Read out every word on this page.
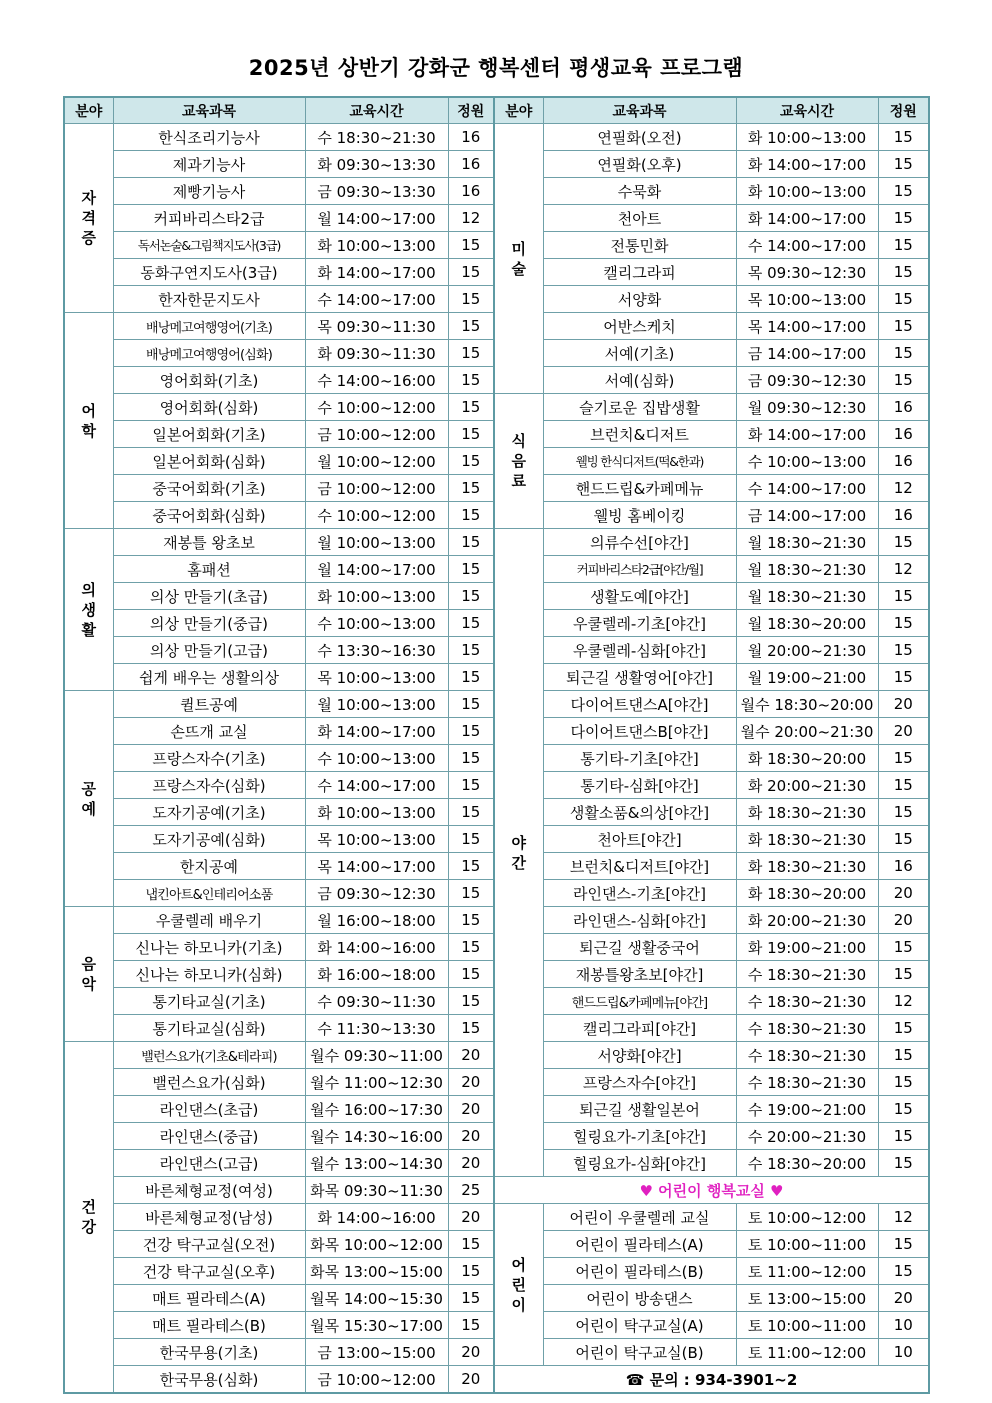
2025년 상반기 강화군 행복센터 평생교육 프로그램
분야	교육과목	교육시간	정원	분야	교육과목	교육시간	정원
자격증	한식조리기능사	수 18:30~21:30	16	미술	연필화(오전)	화 10:00~13:00	15
	제과기능사	화 09:30~13:30	16		연필화(오후)	화 14:00~17:00	15
	제빵기능사	금 09:30~13:30	16		수묵화	화 10:00~13:00	15
	커피바리스타2급	월 14:00~17:00	12		천아트	화 14:00~17:00	15
	독서논술&그림책지도사(3급)	화 10:00~13:00	15		전통민화	수 14:00~17:00	15
	동화구연지도사(3급)	화 14:00~17:00	15		캘리그라피	목 09:30~12:30	15
	한자한문지도사	수 14:00~17:00	15		서양화	목 10:00~13:00	15
어학	배낭메고여행영어(기초)	목 09:30~11:30	15		어반스케치	목 14:00~17:00	15
	배낭메고여행영어(심화)	화 09:30~11:30	15		서예(기초)	금 14:00~17:00	15
	영어회화(기초)	수 14:00~16:00	15		서예(심화)	금 09:30~12:30	15
	영어회화(심화)	수 10:00~12:00	15	식음료	슬기로운 집밥생활	월 09:30~12:30	16
	일본어회화(기초)	금 10:00~12:00	15		브런치&디저트	화 14:00~17:00	16
	일본어회화(심화)	월 10:00~12:00	15		웰빙 한식디저트(떡&한과)	수 10:00~13:00	16
	중국어회화(기초)	금 10:00~12:00	15		핸드드립&카페메뉴	수 14:00~17:00	12
	중국어회화(심화)	수 10:00~12:00	15		웰빙 홈베이킹	금 14:00~17:00	16
의생활	재봉틀 왕초보	월 10:00~13:00	15	야간	의류수선[야간]	월 18:30~21:30	15
	홈패션	월 14:00~17:00	15		커피바리스타2급[야간/월]	월 18:30~21:30	12
	의상 만들기(초급)	화 10:00~13:00	15		생활도예[야간]	월 18:30~21:30	15
	의상 만들기(중급)	수 10:00~13:00	15		우쿨렐레-기초[야간]	월 18:30~20:00	15
	의상 만들기(고급)	수 13:30~16:30	15		우쿨렐레-심화[야간]	월 20:00~21:30	15
	쉽게 배우는 생활의상	목 10:00~13:00	15		퇴근길 생활영어[야간]	월 19:00~21:00	15
공예	퀼트공예	월 10:00~13:00	15		다이어트댄스A[야간]	월수 18:30~20:00	20
	손뜨개 교실	화 14:00~17:00	15		다이어트댄스B[야간]	월수 20:00~21:30	20
	프랑스자수(기초)	수 10:00~13:00	15		통기타-기초[야간]	화 18:30~20:00	15
	프랑스자수(심화)	수 14:00~17:00	15		통기타-심화[야간]	화 20:00~21:30	15
	도자기공예(기초)	화 10:00~13:00	15		생활소품&의상[야간]	화 18:30~21:30	15
	도자기공예(심화)	목 10:00~13:00	15		천아트[야간]	화 18:30~21:30	15
	한지공예	목 14:00~17:00	15		브런치&디저트[야간]	화 18:30~21:30	16
	냅킨아트&인테리어소품	금 09:30~12:30	15		라인댄스-기초[야간]	화 18:30~20:00	20
음악	우쿨렐레 배우기	월 16:00~18:00	15		라인댄스-심화[야간]	화 20:00~21:30	20
	신나는 하모니카(기초)	화 14:00~16:00	15		퇴근길 생활중국어	화 19:00~21:00	15
	신나는 하모니카(심화)	화 16:00~18:00	15		재봉틀왕초보[야간]	수 18:30~21:30	15
	통기타교실(기초)	수 09:30~11:30	15		핸드드립&카페메뉴[야간]	수 18:30~21:30	12
	통기타교실(심화)	수 11:30~13:30	15		캘리그라피[야간]	수 18:30~21:30	15
건강	밸런스요가(기초&테라피)	월수 09:30~11:00	20		서양화[야간]	수 18:30~21:30	15
	밸런스요가(심화)	월수 11:00~12:30	20		프랑스자수[야간]	수 18:30~21:30	15
	라인댄스(초급)	월수 16:00~17:30	20		퇴근길 생활일본어	수 19:00~21:00	15
	라인댄스(중급)	월수 14:30~16:00	20		힐링요가-기초[야간]	수 20:00~21:30	15
	라인댄스(고급)	월수 13:00~14:30	20		힐링요가-심화[야간]	수 18:30~20:00	15
	바른체형교정(여성)	화목 09:30~11:30	25	♥ 어린이 행복교실 ♥			
	바른체형교정(남성)	화 14:00~16:00	20	어린이	어린이 우쿨렐레 교실	토 10:00~12:00	12
	건강 탁구교실(오전)	화목 10:00~12:00	15		어린이 필라테스(A)	토 10:00~11:00	15
	건강 탁구교실(오후)	화목 13:00~15:00	15		어린이 필라테스(B)	토 11:00~12:00	15
	매트 필라테스(A)	월목 14:00~15:30	15		어린이 방송댄스	토 13:00~15:00	20
	매트 필라테스(B)	월목 15:30~17:00	15		어린이 탁구교실(A)	토 10:00~11:00	10
	한국무용(기초)	금 13:00~15:00	20		어린이 탁구교실(B)	토 11:00~12:00	10
	한국무용(심화)	금 10:00~12:00	20	☎ 문의 : 934-3901~2			
